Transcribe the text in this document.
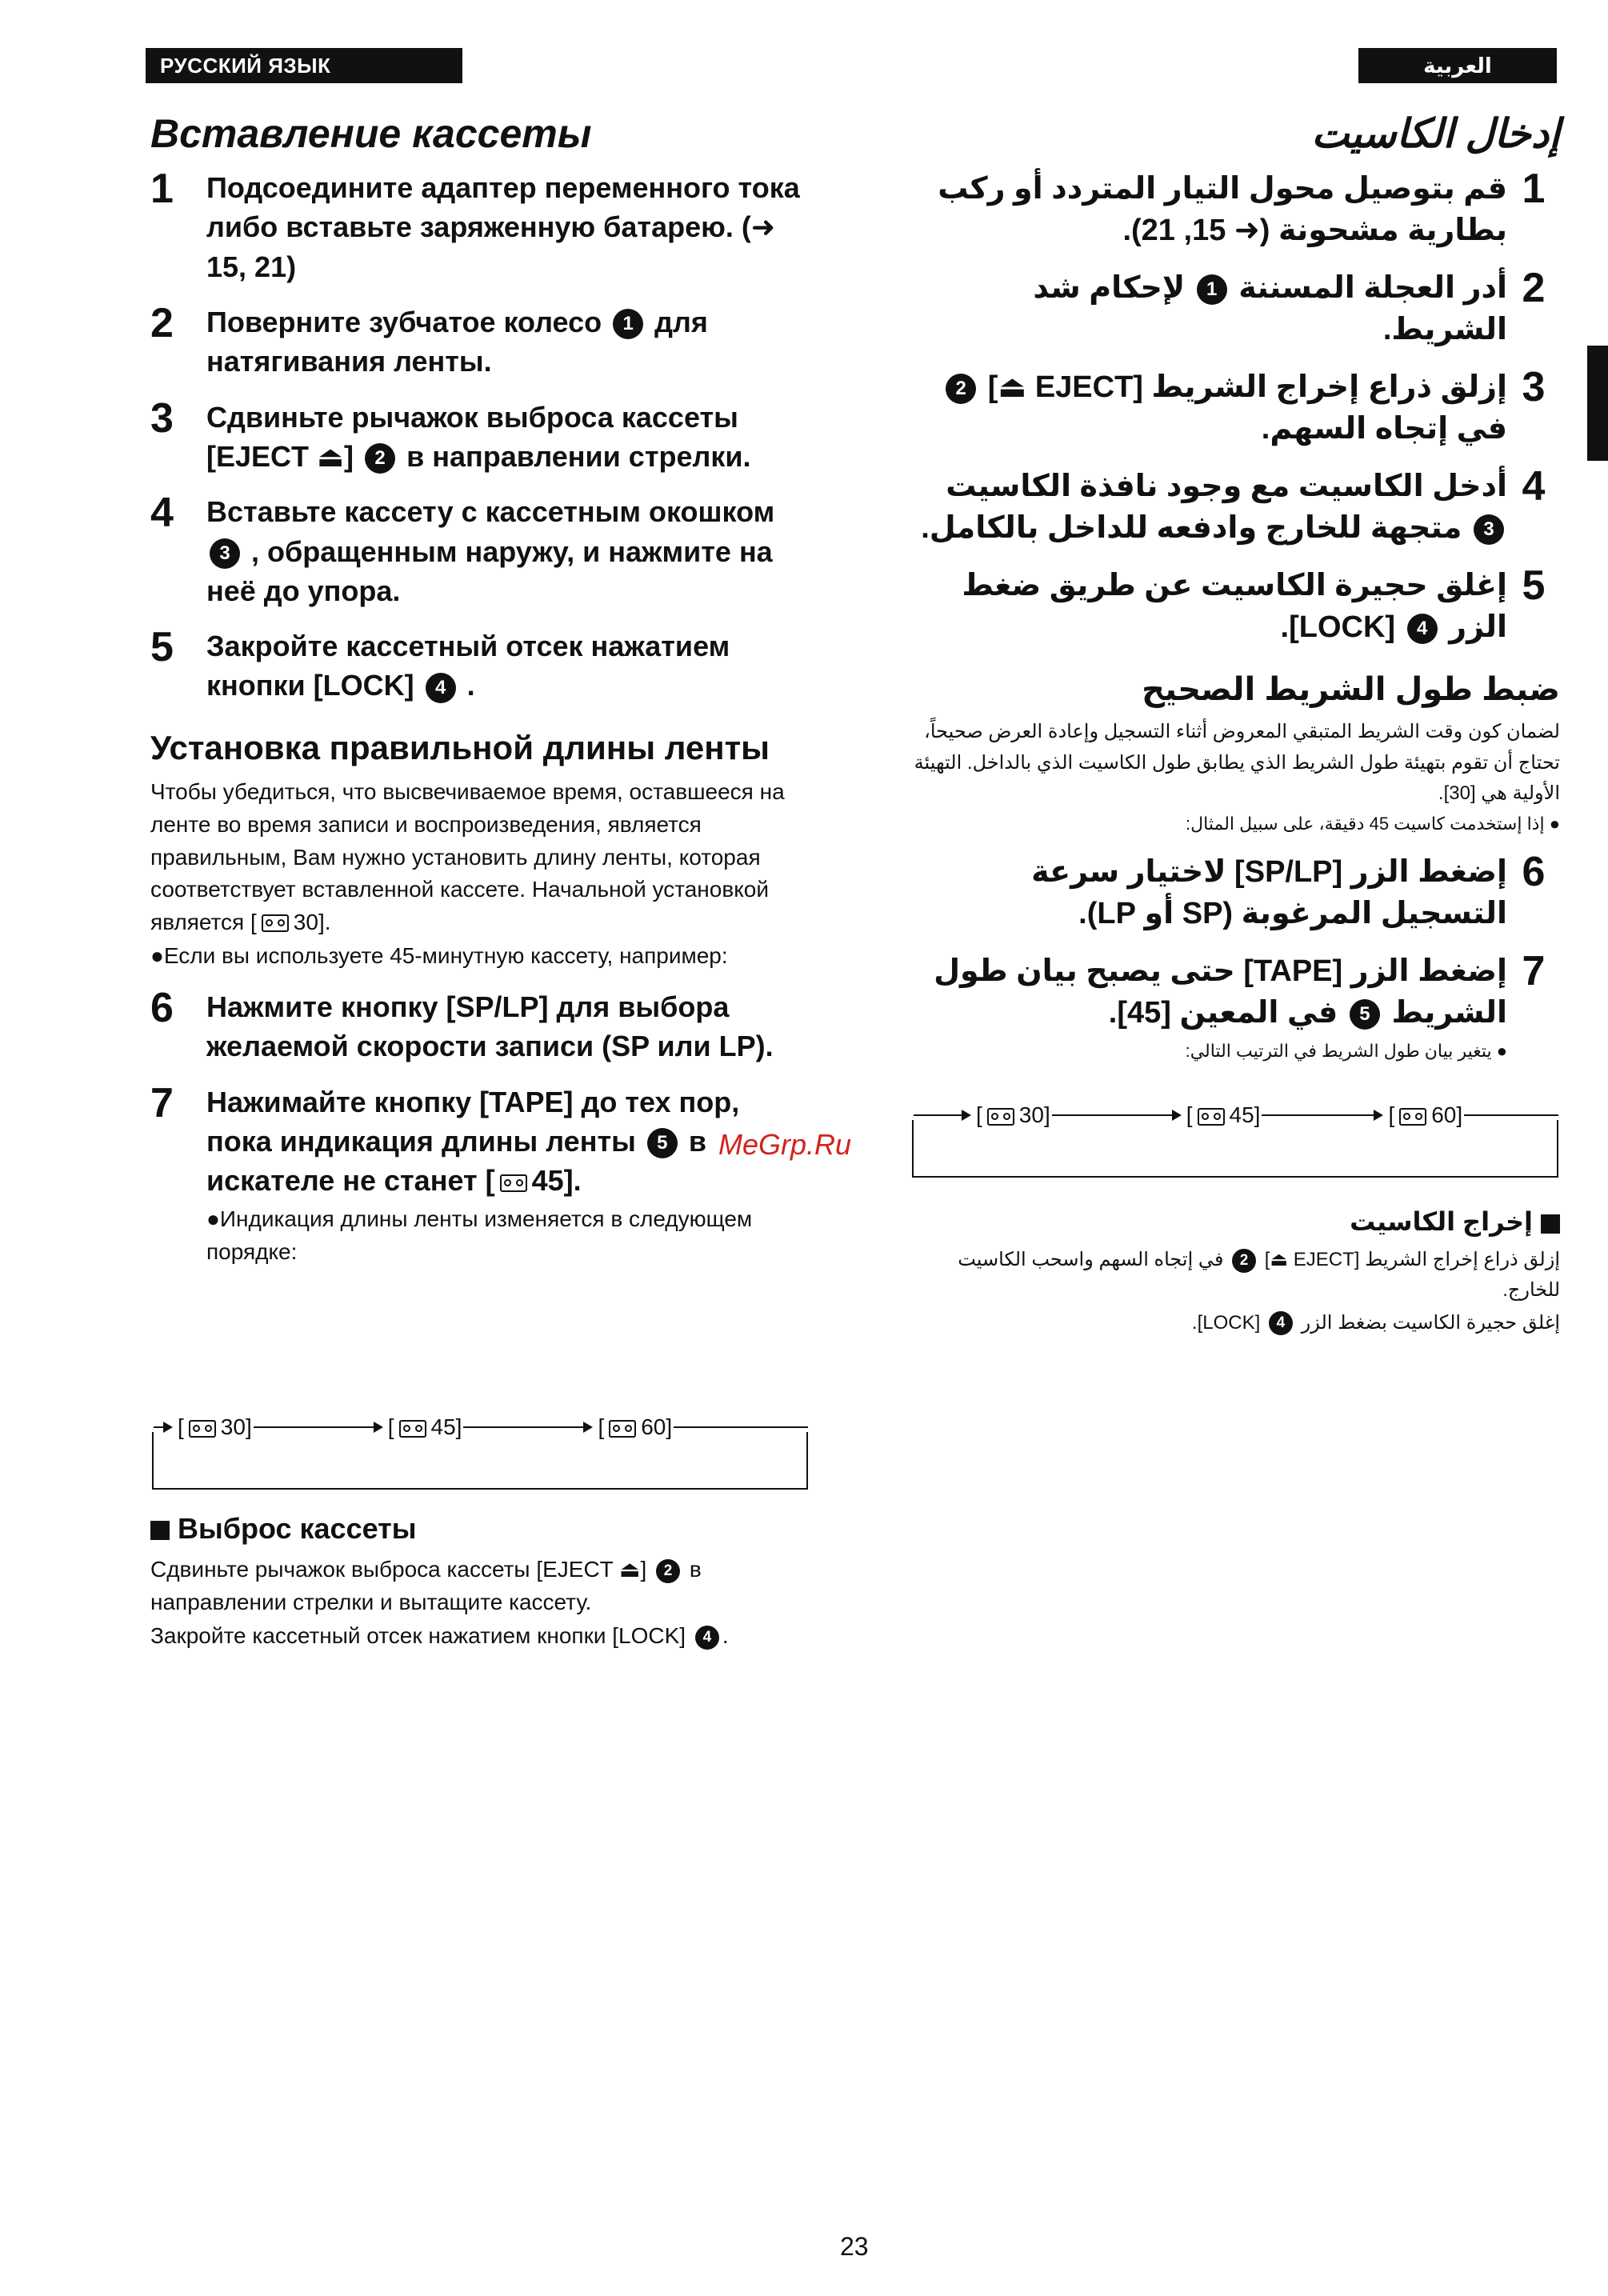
РУССКИЙ ЯЗЫК	العربية
Вставление кассеты
1	Подсоедините адаптер переменного тока либо вставьте заряженную батарею. (➜ 15, 21)
2	Поверните зубчатое колесо 1 для натягивания ленты.
3	Сдвиньте рычажок выброса кассеты [EJECT ⏏] 2 в направлении стрелки.
4	Вставьте кассету с кассетным окошком 3 , обращенным наружу, и нажмите на неё до упора.
5	Закройте кассетный отсек нажатием кнопки [LOCK] 4 .
Установка правильной длины ленты
Чтобы убедиться, что высвечиваемое время, оставшееся на ленте во время записи и воспроизведения, является правильным, Вам нужно установить длину ленты, которая соответствует вставленной кассете. Начальной установкой является [ 30].
●Если вы используете 45-минутную кассету, например:
6	Нажмите кнопку [SP/LP] для выбора желаемой скорости записи (SP или LP).
7	Нажимайте кнопку [TAPE] до тех пор, пока индикация длины ленты 5 в искателе не станет [ 45].
●Индикация длины ленты изменяется в следующем порядке:
[ 30]	[ 45]	[ 60]
Выброс кассеты
Сдвиньте рычажок выброса кассеты [EJECT ⏏] 2 в направлении стрелки и вытащите кассету.
Закройте кассетный отсек нажатием кнопки [LOCK] 4 .
إدخال الكاسيت
1
قم بتوصيل محول التيار المتردد أو ركب بطارية مشحونة (➜ 15, 21).
2
أدر العجلة المسننة 1 لإحكام شد الشريط.
3
إزلق ذراع إخراج الشريط [EJECT ⏏] 2 في إتجاه السهم.
4
أدخل الكاسيت مع وجود نافذة الكاسيت 3 متجهة للخارج وادفعه للداخل بالكامل.
5
إغلق حجيرة الكاسيت عن طريق ضغط الزر 4 [LOCK].
ضبط طول الشريط الصحيح
لضمان كون وقت الشريط المتبقي المعروض أثناء التسجيل وإعادة العرض صحيحاً، تحتاج أن تقوم بتهيئة طول الشريط الذي يطابق طول الكاسيت الذي بالداخل. التهيئة الأولية هي [30].
● إذا إستخدمت كاسيت 45 دقيقة، على سبيل المثال:
6
إضغط الزر [SP/LP] لاختيار سرعة التسجيل المرغوبة (SP أو LP).
7
إضغط الزر [TAPE] حتى يصبح بيان طول الشريط 5 في المعين [45].
● يتغير بيان طول الشريط في الترتيب التالي:
[ 30]	[ 45]	[ 60]
إخراج الكاسيت
إزلق ذراع إخراج الشريط [EJECT ⏏] 2 في إتجاه السهم واسحب الكاسيت للخارج.
إغلق حجيرة الكاسيت بضغط الزر 4 [LOCK].
MeGrp.Ru
23
